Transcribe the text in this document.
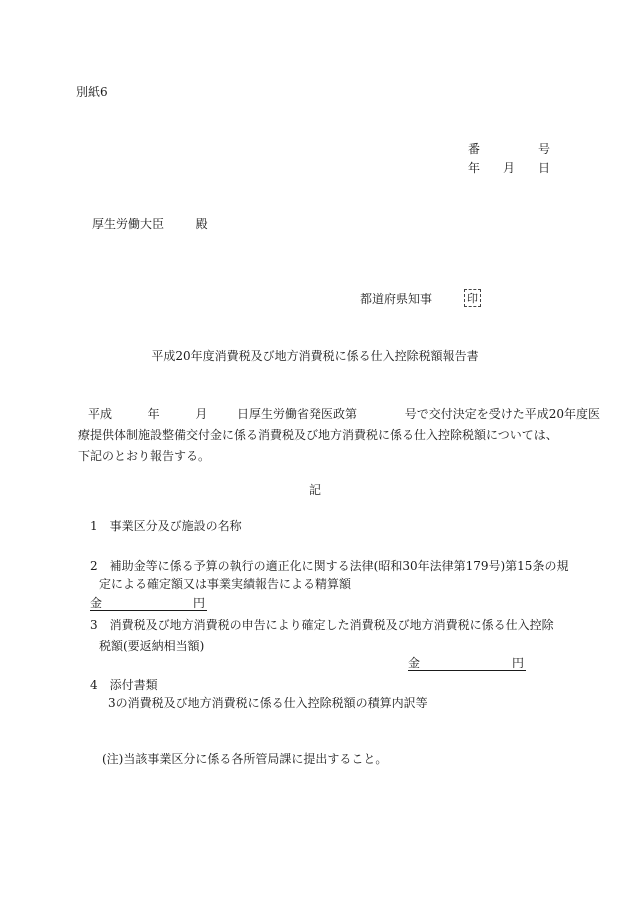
別紙6
番	号
年 月 日
厚生労働大臣	殿
都道府県知事	印
平成20年度消費税及び地方消費税に係る仕入控除税額報告書
平成	年	月 日厚生労働省発医政第	号で交付決定を受けた平成20年度医
療提供体制施設整備交付金に係る消費税及び地方消費税に係る仕入控除税額については、
下記のとおり報告する。
記
1　事業区分及び施設の名称
2　補助金等に係る予算の執行の適正化に関する法律(昭和30年法律第179号)第15条の規
定による確定額又は事業実績報告による精算額
金	円
3　消費税及び地方消費税の申告により確定した消費税及び地方消費税に係る仕入控除
税額(要返納相当額)
金	円
4　添付書類
3の消費税及び地方消費税に係る仕入控除税額の積算内訳等
(注)当該事業区分に係る各所管局課に提出すること。
